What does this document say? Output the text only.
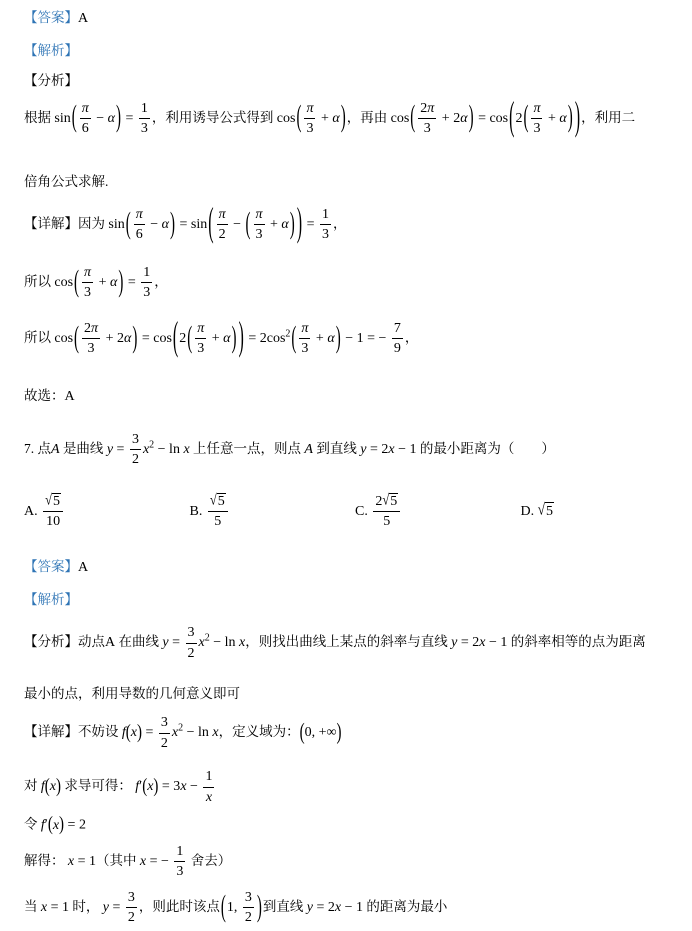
【答案】A
【解析】
【分析】
根据 $\sin( \frac{\pi}{6} - \alpha) = \frac{1}{3}$ ，利用诱导公式得到 $\cos( \frac{\pi}{3} + \alpha)$，再由 $\cos( \frac{2\pi}{3} + 2\alpha) = \cos(2( \frac{\pi}{3} + \alpha)$ )，利用二
倍角公式求解.
【详解】因为 $\sin( \frac{\pi}{6} - \alpha) = \sin( \frac{\pi}{2}$ − ( $\frac{\pi}{3} + \alpha$) ) = $\frac{1}{3}$ ，
所以 $\cos( \frac{\pi}{3} + \alpha) = \frac{1}{3}$ ，
所以 $\cos( \frac{2\pi}{3} + 2\alpha) = \cos(2( \frac{\pi}{3} + \alpha)$ ) = $2\cos^2( \frac{\pi}{3} + \alpha) - 1$ = − $\frac{7}{9}$ ，
故选：A
7. 点A 是曲线 $y = \frac{3}{2} x^2 - \ln x$ 上任意一点，则点 A 到直线 y = 2x − 1 的最小距离为（　　）
A. $\frac{√5}{10}$	B. $\frac{√5}{5}$	C. $\frac{2√5}{5}$	D. √5
【答案】A
【解析】
【分析】动点A 在曲线 $y = \frac{3}{2} x^2 - \ln x$，则找出曲线上某点的斜率与直线 y = 2x − 1 的斜率相等的点为距离
最小的点，利用导数的几何意义即可
【详解】不妨设 $f(x) = \frac{3}{2} x^2 - \ln x$，定义域为：(0, +∞)
对 f(x) 求导可得： $f'(x) = 3x - \frac{1}{x}$
令 f′(x) = 2
解得： x = 1（其中 x = − $\frac{1}{3}$ 舍去）
当 x = 1 时， $y = \frac{3}{2}$ ，则此时该点(1, $\frac{3}{2}$ )到直线 y = 2x − 1 的距离为最小
